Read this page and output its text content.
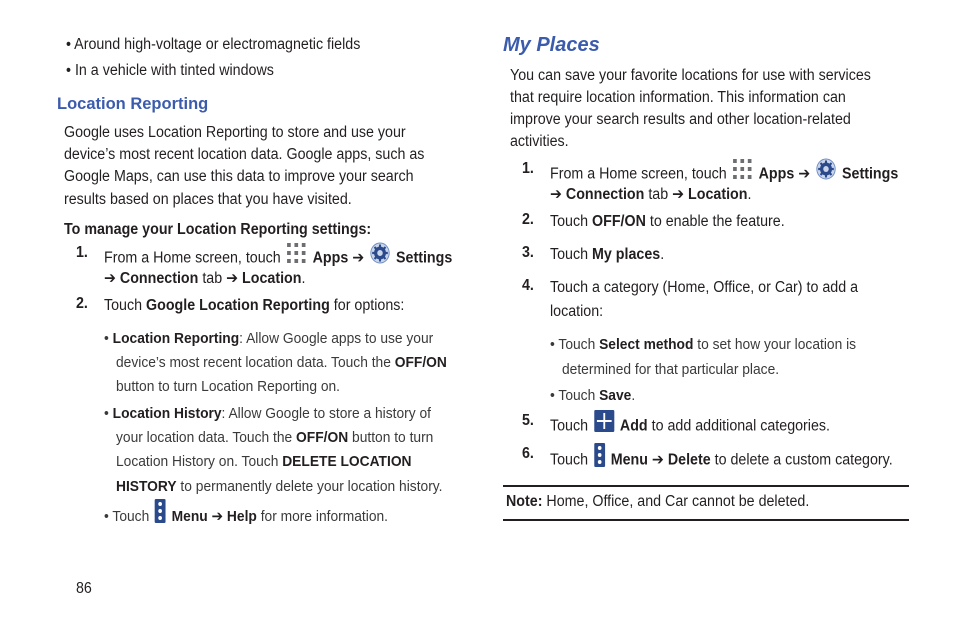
• Around high-voltage or electromagnetic fields
• In a vehicle with tinted windows
Location Reporting
Google uses Location Reporting to store and use your
device’s most recent location data. Google apps, such as
Google Maps, can use this data to improve your search
results based on places that you have visited.
To manage your Location Reporting settings:
1. From a Home screen, touch Apps ➔ Settings
➔ Connection tab ➔ Location.
2. Touch Google Location Reporting for options:
• Location Reporting: Allow Google apps to use your
device’s most recent location data. Touch the OFF/ON
button to turn Location Reporting on.
• Location History: Allow Google to store a history of
your location data. Touch the OFF/ON button to turn
Location History on. Touch DELETE LOCATION
HISTORY to permanently delete your location history.
• Touch Menu ➔ Help for more information.
86
My Places
You can save your favorite locations for use with services
that require location information. This information can
improve your search results and other location-related
activities.
1. From a Home screen, touch Apps ➔ Settings
➔ Connection tab ➔ Location.
2. Touch OFF/ON to enable the feature.
3. Touch My places.
4. Touch a category (Home, Office, or Car) to add a
location:
• Touch Select method to set how your location is
determined for that particular place.
• Touch Save.
5. Touch Add to add additional categories.
6. Touch Menu ➔ Delete to delete a custom category.
Note: Home, Office, and Car cannot be deleted.
